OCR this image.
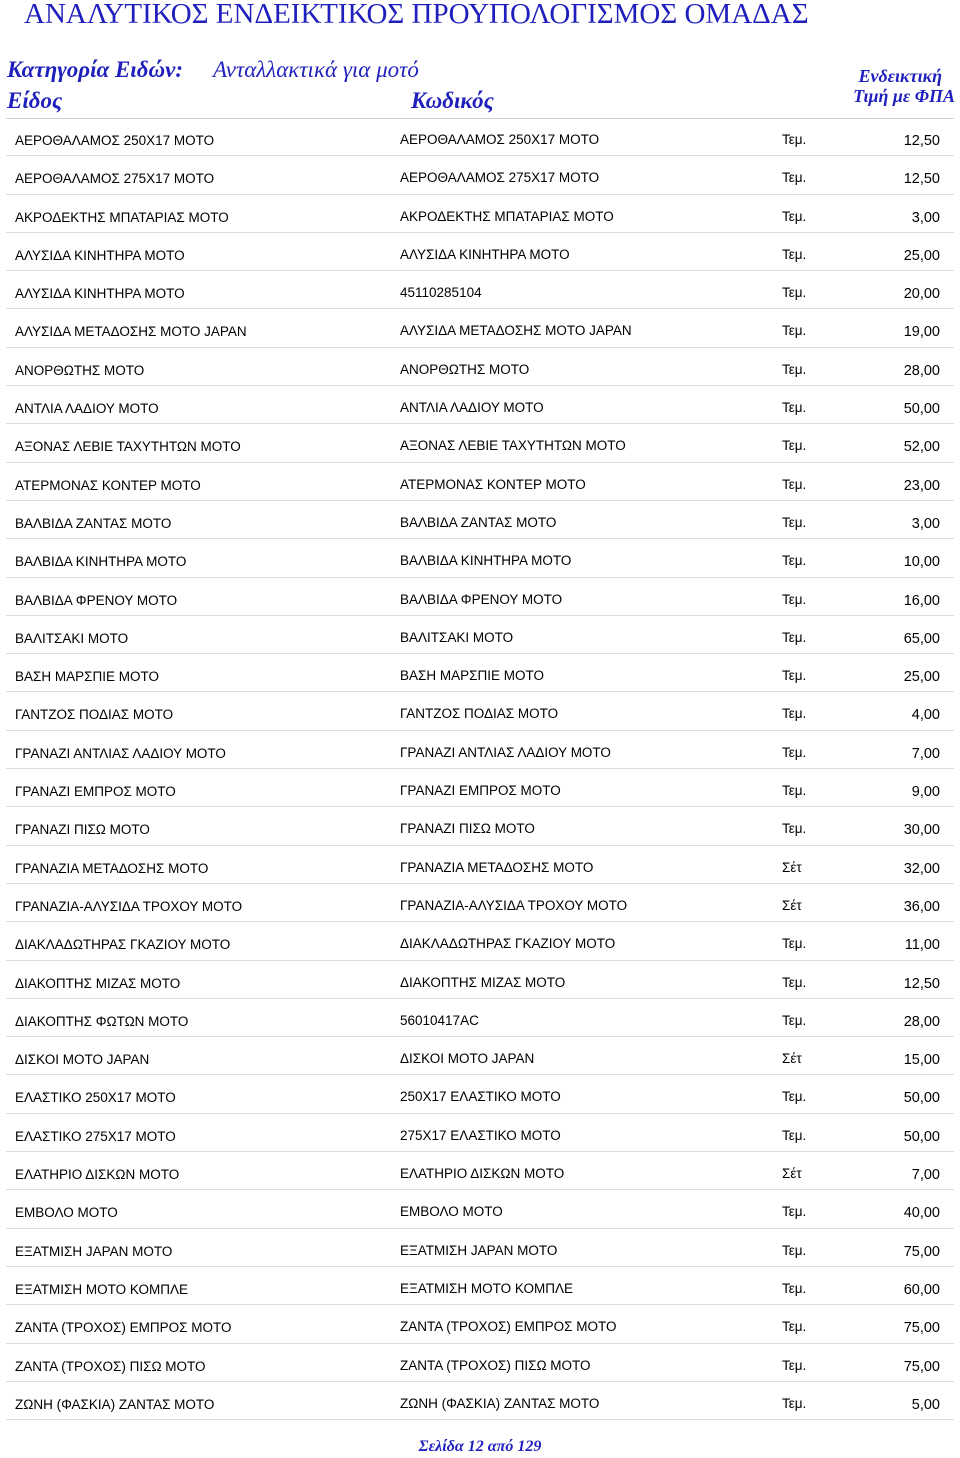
ΑΝΑΛΥΤΙΚΟΣ ΕΝΔΕΙΚΤΙΚΟΣ ΠΡΟΥΠΟΛΟΓΙΣΜΟΣ ΟΜΑΔΑΣ
Κατηγορία Ειδών: Ανταλλακτικά για μοτό	Ενδεικτική
Τιμή με ΦΠΑ
Είδος	Κωδικός
ΑΕΡΟΘΑΛΑΜΟΣ 250Χ17 ΜΟΤΟ	ΑΕΡΟΘΑΛΑΜΟΣ 250Χ17 ΜΟΤΟ	Τεμ.	12,50
ΑΕΡΟΘΑΛΑΜΟΣ 275Χ17 ΜΟΤΟ	ΑΕΡΟΘΑΛΑΜΟΣ 275Χ17 ΜΟΤΟ	Τεμ.	12,50
ΑΚΡΟΔΕΚΤΗΣ ΜΠΑΤΑΡΙΑΣ ΜΟΤΟ	ΑΚΡΟΔΕΚΤΗΣ ΜΠΑΤΑΡΙΑΣ ΜΟΤΟ	Τεμ.	3,00
ΑΛΥΣΙΔΑ ΚΙΝΗΤΗΡΑ ΜΟΤΟ	ΑΛΥΣΙΔΑ ΚΙΝΗΤΗΡΑ ΜΟΤΟ	Τεμ.	25,00
ΑΛΥΣΙΔΑ ΚΙΝΗΤΗΡΑ ΜΟΤΟ	45110285104	Τεμ.	20,00
ΑΛΥΣΙΔΑ ΜΕΤΑΔΟΣΗΣ ΜΟΤΟ JAPAN	ΑΛΥΣΙΔΑ ΜΕΤΑΔΟΣΗΣ ΜΟΤΟ JAPAN	Τεμ.	19,00
ΑΝΟΡΘΩΤΗΣ ΜΟΤΟ	ΑΝΟΡΘΩΤΗΣ ΜΟΤΟ	Τεμ.	28,00
ΑΝΤΛΙΑ ΛΑΔΙΟΥ ΜΟΤΟ	ΑΝΤΛΙΑ ΛΑΔΙΟΥ ΜΟΤΟ	Τεμ.	50,00
ΑΞΟΝΑΣ ΛΕΒΙΕ ΤΑΧΥΤΗΤΩΝ ΜΟΤΟ	ΑΞΟΝΑΣ ΛΕΒΙΕ ΤΑΧΥΤΗΤΩΝ ΜΟΤΟ	Τεμ.	52,00
ΑΤΕΡΜΟΝΑΣ ΚΟΝΤΕΡ ΜΟΤΟ	ΑΤΕΡΜΟΝΑΣ ΚΟΝΤΕΡ ΜΟΤΟ	Τεμ.	23,00
ΒΑΛΒΙΔΑ ΖΑΝΤΑΣ ΜΟΤΟ	ΒΑΛΒΙΔΑ ΖΑΝΤΑΣ ΜΟΤΟ	Τεμ.	3,00
ΒΑΛΒΙΔΑ ΚΙΝΗΤΗΡΑ ΜΟΤΟ	ΒΑΛΒΙΔΑ ΚΙΝΗΤΗΡΑ ΜΟΤΟ	Τεμ.	10,00
ΒΑΛΒΙΔΑ ΦΡΕΝΟΥ ΜΟΤΟ	ΒΑΛΒΙΔΑ ΦΡΕΝΟΥ ΜΟΤΟ	Τεμ.	16,00
ΒΑΛΙΤΣΑΚΙ ΜΟΤΟ	ΒΑΛΙΤΣΑΚΙ ΜΟΤΟ	Τεμ.	65,00
ΒΑΣΗ ΜΑΡΣΠΙΕ ΜΟΤΟ	ΒΑΣΗ ΜΑΡΣΠΙΕ ΜΟΤΟ	Τεμ.	25,00
ΓΑΝΤΖΟΣ ΠΟΔΙΑΣ ΜΟΤΟ	ΓΑΝΤΖΟΣ ΠΟΔΙΑΣ ΜΟΤΟ	Τεμ.	4,00
ΓΡΑΝΑΖΙ ΑΝΤΛΙΑΣ ΛΑΔΙΟΥ ΜΟΤΟ	ΓΡΑΝΑΖΙ ΑΝΤΛΙΑΣ ΛΑΔΙΟΥ ΜΟΤΟ	Τεμ.	7,00
ΓΡΑΝΑΖΙ ΕΜΠΡΟΣ ΜΟΤΟ	ΓΡΑΝΑΖΙ ΕΜΠΡΟΣ ΜΟΤΟ	Τεμ.	9,00
ΓΡΑΝΑΖΙ ΠΙΣΩ ΜΟΤΟ	ΓΡΑΝΑΖΙ ΠΙΣΩ ΜΟΤΟ	Τεμ.	30,00
ΓΡΑΝΑΖΙΑ ΜΕΤΑΔΟΣΗΣ ΜΟΤΟ	ΓΡΑΝΑΖΙΑ ΜΕΤΑΔΟΣΗΣ ΜΟΤΟ	Σέτ	32,00
ΓΡΑΝΑΖΙΑ-ΑΛΥΣΙΔΑ ΤΡΟΧΟΥ ΜΟΤΟ	ΓΡΑΝΑΖΙΑ-ΑΛΥΣΙΔΑ ΤΡΟΧΟΥ ΜΟΤΟ	Σέτ	36,00
ΔΙΑΚΛΑΔΩΤΗΡΑΣ ΓΚΑΖΙΟΥ ΜΟΤΟ	ΔΙΑΚΛΑΔΩΤΗΡΑΣ ΓΚΑΖΙΟΥ ΜΟΤΟ	Τεμ.	11,00
ΔΙΑΚΟΠΤΗΣ ΜΙΖΑΣ ΜΟΤΟ	ΔΙΑΚΟΠΤΗΣ ΜΙΖΑΣ ΜΟΤΟ	Τεμ.	12,50
ΔΙΑΚΟΠΤΗΣ ΦΩΤΩΝ ΜΟΤΟ	56010417AC	Τεμ.	28,00
ΔΙΣΚΟΙ ΜΟΤΟ JAPAN	ΔΙΣΚΟΙ ΜΟΤΟ JAPAN	Σέτ	15,00
ΕΛΑΣΤΙΚΟ 250Χ17 ΜΟΤΟ	250Χ17 ΕΛΑΣΤΙΚΟ ΜΟΤΟ	Τεμ.	50,00
ΕΛΑΣΤΙΚΟ 275Χ17 ΜΟΤΟ	275Χ17 ΕΛΑΣΤΙΚΟ ΜΟΤΟ	Τεμ.	50,00
ΕΛΑΤΗΡΙΟ ΔΙΣΚΩΝ ΜΟΤΟ	ΕΛΑΤΗΡΙΟ ΔΙΣΚΩΝ ΜΟΤΟ	Σέτ	7,00
ΕΜΒΟΛΟ ΜΟΤΟ	ΕΜΒΟΛΟ ΜΟΤΟ	Τεμ.	40,00
ΕΞΑΤΜΙΣΗ JAPAN ΜΟΤΟ	ΕΞΑΤΜΙΣΗ JAPAN ΜΟΤΟ	Τεμ.	75,00
ΕΞΑΤΜΙΣΗ ΜΟΤΟ ΚΟΜΠΛΕ	ΕΞΑΤΜΙΣΗ ΜΟΤΟ ΚΟΜΠΛΕ	Τεμ.	60,00
ΖΑΝΤΑ (ΤΡΟΧΟΣ) ΕΜΠΡΟΣ ΜΟΤΟ	ΖΑΝΤΑ (ΤΡΟΧΟΣ) ΕΜΠΡΟΣ ΜΟΤΟ	Τεμ.	75,00
ΖΑΝΤΑ (ΤΡΟΧΟΣ) ΠΙΣΩ ΜΟΤΟ	ΖΑΝΤΑ (ΤΡΟΧΟΣ) ΠΙΣΩ ΜΟΤΟ	Τεμ.	75,00
ΖΩΝΗ (ΦΑΣΚΙΑ) ΖΑΝΤΑΣ ΜΟΤΟ	ΖΩΝΗ (ΦΑΣΚΙΑ) ΖΑΝΤΑΣ ΜΟΤΟ	Τεμ.	5,00
Σελίδα 12 από 129
